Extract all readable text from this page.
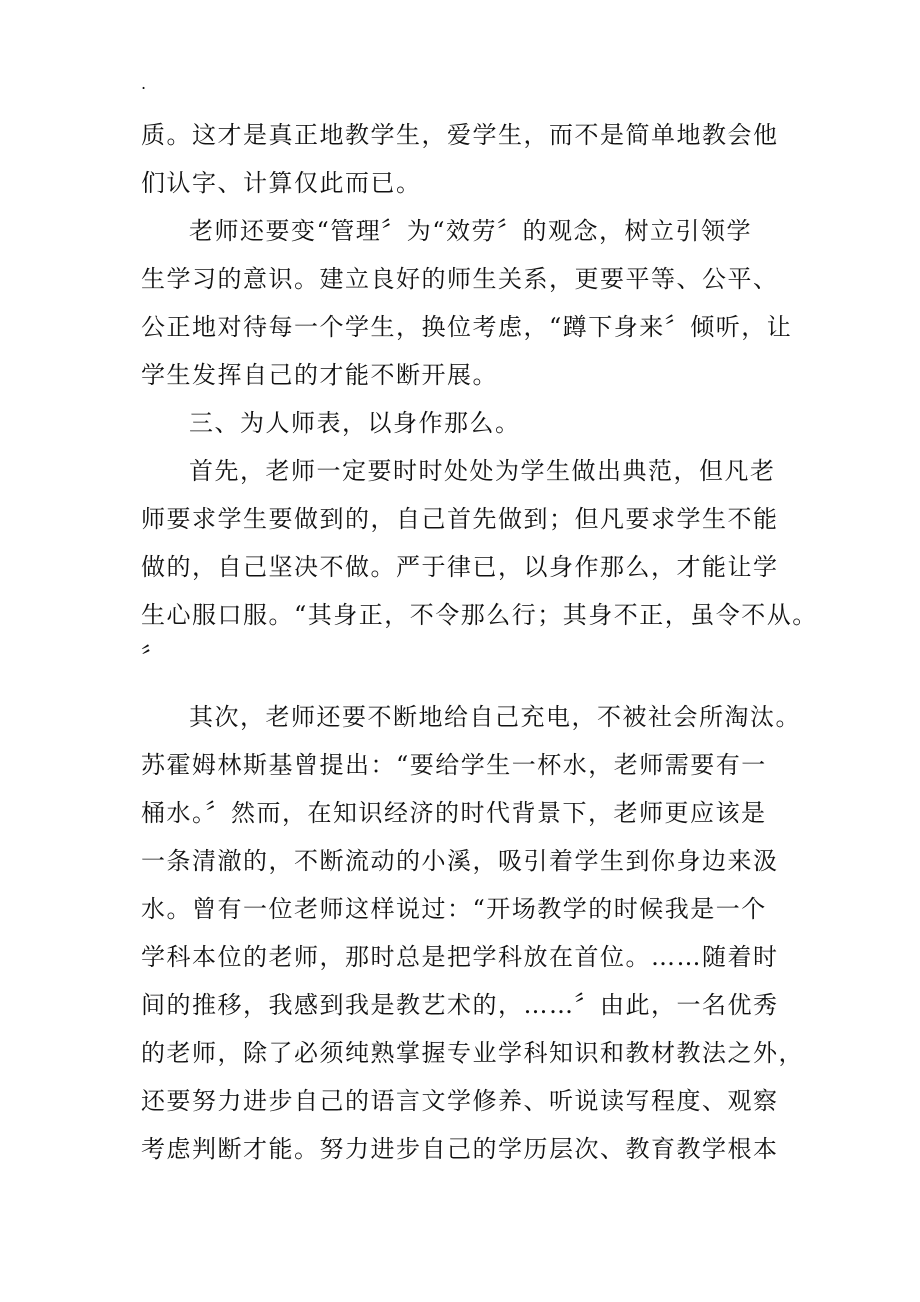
.
质。这才是真正地教学生，爱学生，而不是简单地教会他
们认字、计算仅此而已。
老师还要变“管理〞为“效劳〞的观念，树立引领学
生学习的意识。建立良好的师生关系，更要平等、公平、
公正地对待每一个学生，换位考虑，“蹲下身来〞倾听，让
学生发挥自己的才能不断开展。
三、为人师表，以身作那么。
首先，老师一定要时时处处为学生做出典范，但凡老
师要求学生要做到的，自己首先做到；但凡要求学生不能
做的，自己坚决不做。严于律已，以身作那么，才能让学
生心服口服。“其身正，不令那么行；其身不正，虽令不从。
〞
其次，老师还要不断地给自己充电，不被社会所淘汰。
苏霍姆林斯基曾提出：“要给学生一杯水，老师需要有一
桶水。〞然而，在知识经济的时代背景下，老师更应该是
一条清澈的，不断流动的小溪，吸引着学生到你身边来汲
水。曾有一位老师这样说过：“开场教学的时候我是一个
学科本位的老师，那时总是把学科放在首位。……随着时
间的推移，我感到我是教艺术的，……〞由此，一名优秀
的老师，除了必须纯熟掌握专业学科知识和教材教法之外，
还要努力进步自己的语言文学修养、听说读写程度、观察
考虑判断才能。努力进步自己的学历层次、教育教学根本
